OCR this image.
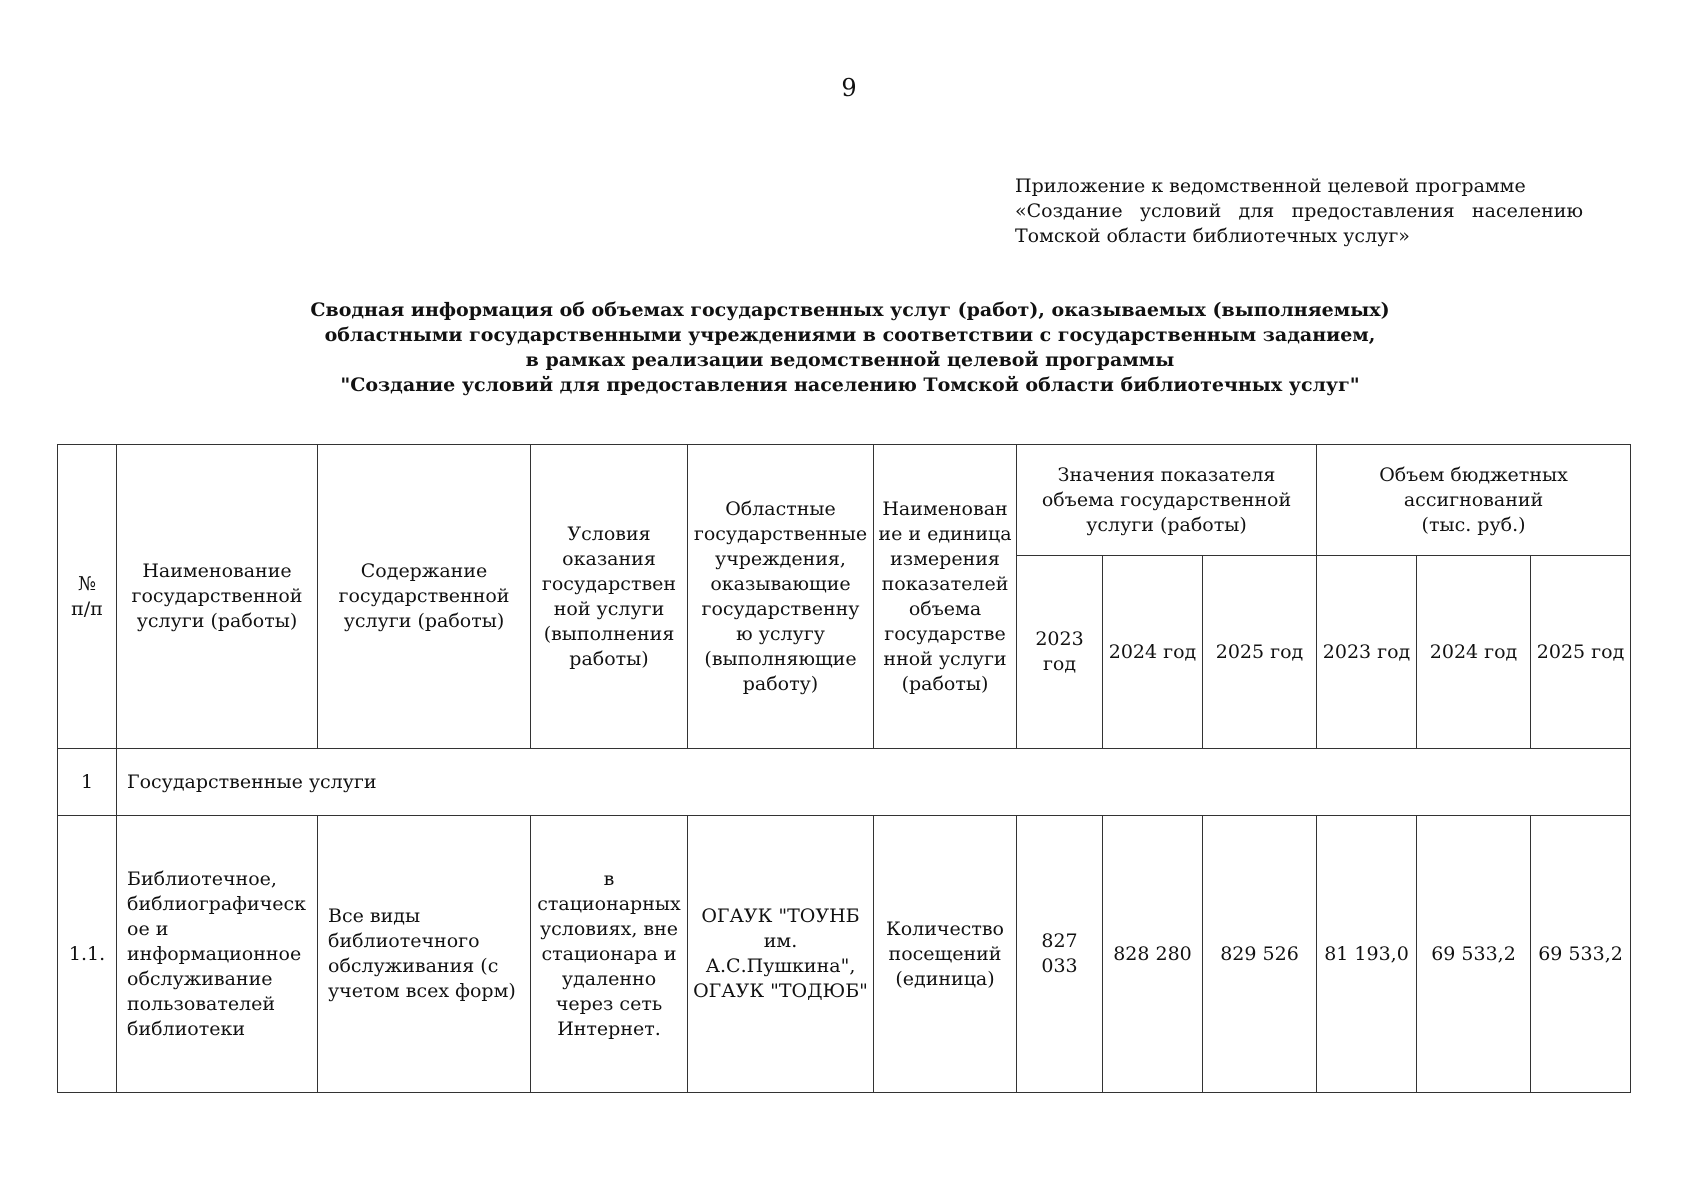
9
Приложение к ведомственной целевой программе
«Создание условий для предоставления населению
Томской области библиотечных услуг»
Сводная информация об объемах государственных услуг (работ), оказываемых (выполняемых)
областными государственными учреждениями в соответствии с государственным заданием,
в рамках реализации ведомственной целевой программы
"Создание условий для предоставления населению Томской области библиотечных услуг"
№
п/п	Наименование государственной услуги (работы)	Содержание государственной услуги (работы)	Условия оказания государствен ной услуги (выполнения работы)	Областные государственные учреждения, оказывающие государственну ю услугу (выполняющие работу)	Наименован ие и единица измерения показателей объема государстве нной услуги (работы)	Значения показателя объема государственной услуги (работы)			Объем бюджетных ассигнований
(тыс. руб.)		
						2023 год	2024 год	2025 год	2023 год	2024 год	2025 год
1	Государственные услуги										
1.1.	Библиотечное, библиографическое и информационное обслуживание пользователей библиотеки	Все виды библиотечного обслуживания (с учетом всех форм)	в стационарных условиях, вне стационара и удаленно через сеть Интернет.	ОГАУК "ТОУНБ им. А.С.Пушкина", ОГАУК "ТОДЮБ"	Количество посещений (единица)	827 033	828 280	829 526	81 193,0	69 533,2	69 533,2
